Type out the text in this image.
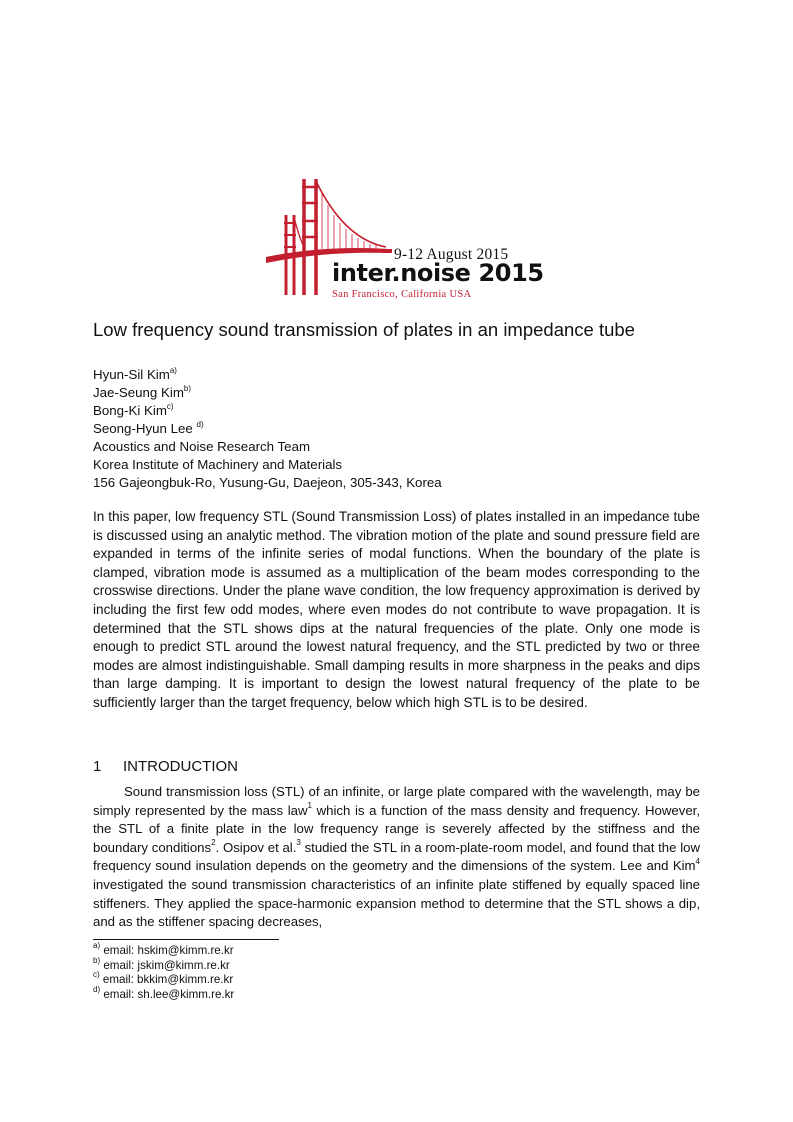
9-12 August 2015
inter.noise 2015
San Francisco, California USA
Low frequency sound transmission of plates in an impedance tube
Hyun-Sil Kim$^{a)}$
Jae-Seung Kim$^{b)}$
Bong-Ki Kim$^{c)}$
Seong-Hyun Lee $^{d)}$
Acoustics and Noise Research Team
Korea Institute of Machinery and Materials
156 Gajeongbuk-Ro, Yusung-Gu, Daejeon, 305-343, Korea
In this paper, low frequency STL (Sound Transmission Loss) of plates installed in an impedance tube is discussed using an analytic method. The vibration motion of the plate and sound pressure field are expanded in terms of the infinite series of modal functions. When the boundary of the plate is clamped, vibration mode is assumed as a multiplication of the beam modes corresponding to the crosswise directions. Under the plane wave condition, the low frequency approximation is derived by including the first few odd modes, where even modes do not contribute to wave propagation. It is determined that the STL shows dips at the natural frequencies of the plate. Only one mode is enough to predict STL around the lowest natural frequency, and the STL predicted by two or three modes are almost indistinguishable. Small damping results in more sharpness in the peaks and dips than large damping. It is important to design the lowest natural frequency of the plate to be sufficiently larger than the target frequency, below which high STL is to be desired.
1 INTRODUCTION

Sound transmission loss (STL) of an infinite, or large plate compared with the wavelength, may be simply represented by the mass law$^1$ which is a function of the mass density and frequency. However, the STL of a finite plate in the low frequency range is severely affected by the stiffness and the boundary conditions$^2$. Osipov et al.$^3$ studied the STL in a room-plate-room model, and found that the low frequency sound insulation depends on the geometry and the dimensions of the system. Lee and Kim$^4$ investigated the sound transmission characteristics of an infinite plate stiffened by equally spaced line stiffeners. They applied the space-harmonic expansion method to determine that the STL shows a dip, and as the stiffener spacing decreases,

$^{a)}$ email: hskim@kimm.re.kr
$^{b)}$ email: jskim@kimm.re.kr
$^{c)}$ email: bkkim@kimm.re.kr
$^{d)}$ email: sh.lee@kimm.re.kr
